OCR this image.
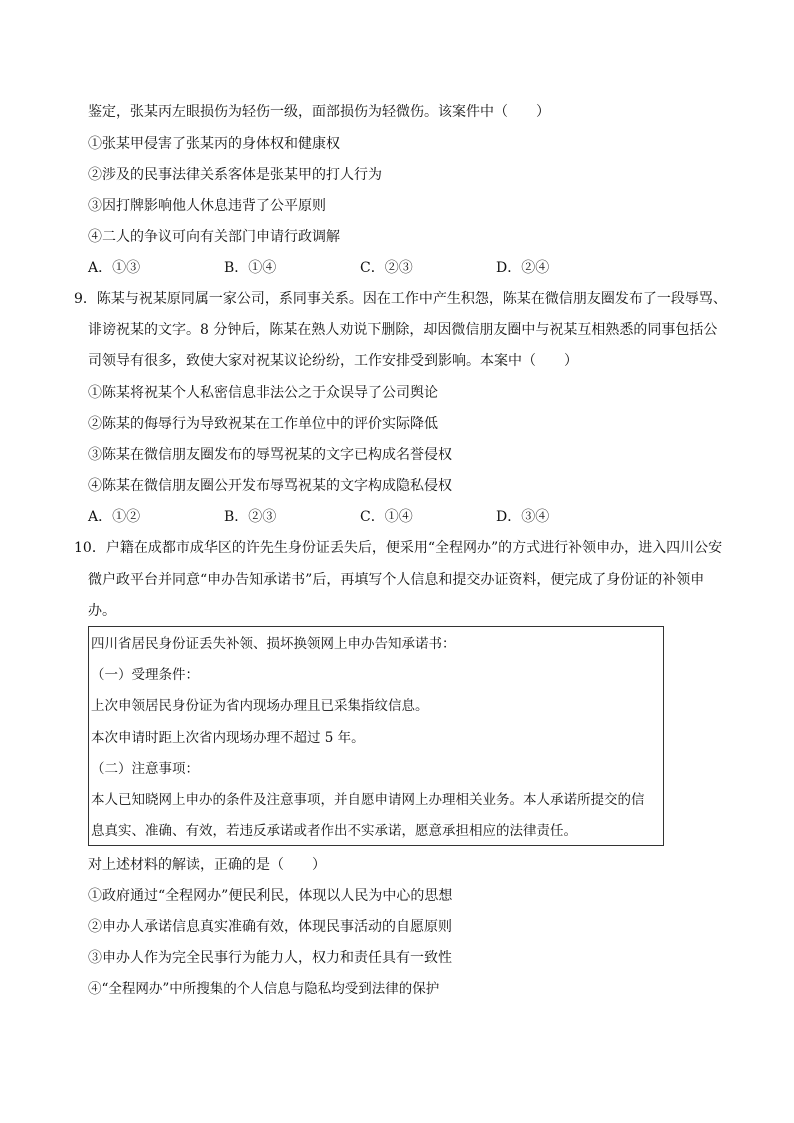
鉴定，张某丙左眼损伤为轻伤一级，面部损伤为轻微伤。该案件中（　　）
①张某甲侵害了张某丙的身体权和健康权
②涉及的民事法律关系客体是张某甲的打人行为
③因打牌影响他人休息违背了公平原则
④二人的争议可向有关部门申请行政调解
A．①③	B．①④	C．②③	D．②④
9．陈某与祝某原同属一家公司，系同事关系。因在工作中产生积怨，陈某在微信朋友圈发布了一段辱骂、
诽谤祝某的文字。8 分钟后，陈某在熟人劝说下删除，却因微信朋友圈中与祝某互相熟悉的同事包括公
司领导有很多，致使大家对祝某议论纷纷，工作安排受到影响。本案中（　　）
①陈某将祝某个人私密信息非法公之于众误导了公司舆论
②陈某的侮辱行为导致祝某在工作单位中的评价实际降低
③陈某在微信朋友圈发布的辱骂祝某的文字已构成名誉侵权
④陈某在微信朋友圈公开发布辱骂祝某的文字构成隐私侵权
A．①②	B．②③	C．①④	D．③④
10．户籍在成都市成华区的许先生身份证丢失后，便采用“全程网办”的方式进行补领申办，进入四川公安
微户政平台并同意“申办告知承诺书”后，再填写个人信息和提交办证资料，便完成了身份证的补领申
办。
四川省居民身份证丢失补领、损坏换领网上申办告知承诺书：
（一）受理条件：
上次申领居民身份证为省内现场办理且已采集指纹信息。
本次申请时距上次省内现场办理不超过 5 年。
（二）注意事项：
本人已知晓网上申办的条件及注意事项，并自愿申请网上办理相关业务。本人承诺所提交的信
息真实、准确、有效，若违反承诺或者作出不实承诺，愿意承担相应的法律责任。
对上述材料的解读，正确的是（　　）
①政府通过“全程网办”便民利民，体现以人民为中心的思想
②申办人承诺信息真实准确有效，体现民事活动的自愿原则
③申办人作为完全民事行为能力人，权力和责任具有一致性
④“全程网办”中所搜集的个人信息与隐私均受到法律的保护
